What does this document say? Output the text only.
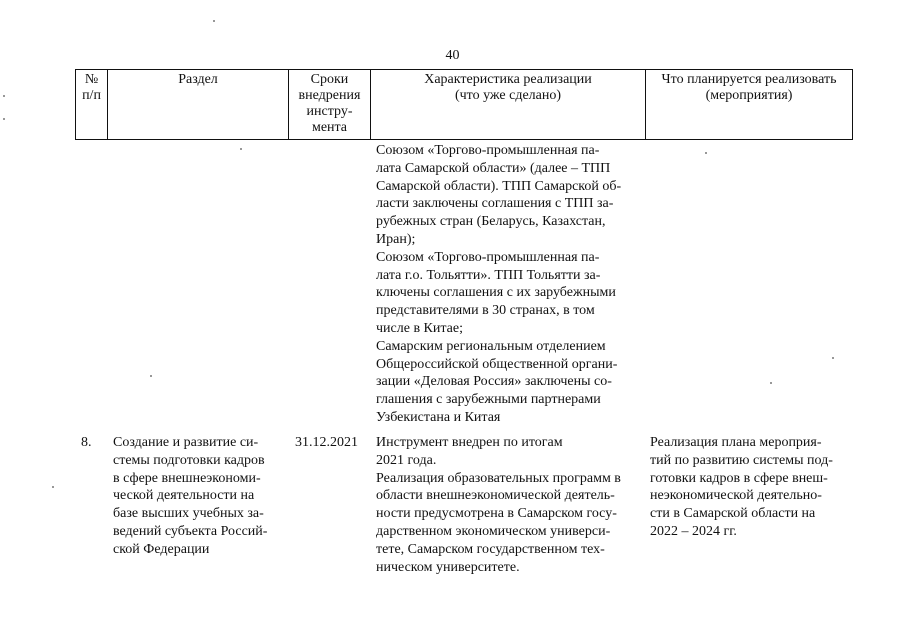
40
№
п/п
Раздел	Сроки
внедрения
инстру-
мента
Характеристика реализации
(что уже сделано)
Что планируется реализовать
(мероприятия)
Союзом «Торгово-промышленная па-
лата Самарской области» (далее – ТПП
Самарской области). ТПП Самарской об-
ласти заключены соглашения с ТПП за-
рубежных стран (Беларусь, Казахстан,
Иран);
Союзом «Торгово-промышленная па-
лата г.о. Тольятти». ТПП Тольятти за-
ключены соглашения с их зарубежными
представителями в 30 странах, в том
числе в Китае;
Самарским региональным отделением
Общероссийской общественной органи-
зации «Деловая Россия» заключены со-
глашения с зарубежными партнерами
Узбекистана и Китая
8. Создание и развитие си-
стемы подготовки кадров
в сфере внешнеэкономи-
ческой деятельности на
базе высших учебных за-
ведений субъекта Россий-
ской Федерации
31.12.2021 Инструмент внедрен по итогам
2021 года.
Реализация образовательных программ в
области внешнеэкономической деятель-
ности предусмотрена в Самарском госу-
дарственном экономическом универси-
тете, Самарском государственном тех-
ническом университете.
Реализация плана мероприя-
тий по развитию системы под-
готовки кадров в сфере внеш-
неэкономической деятельно-
сти в Самарской области на
2022 – 2024 гг.
